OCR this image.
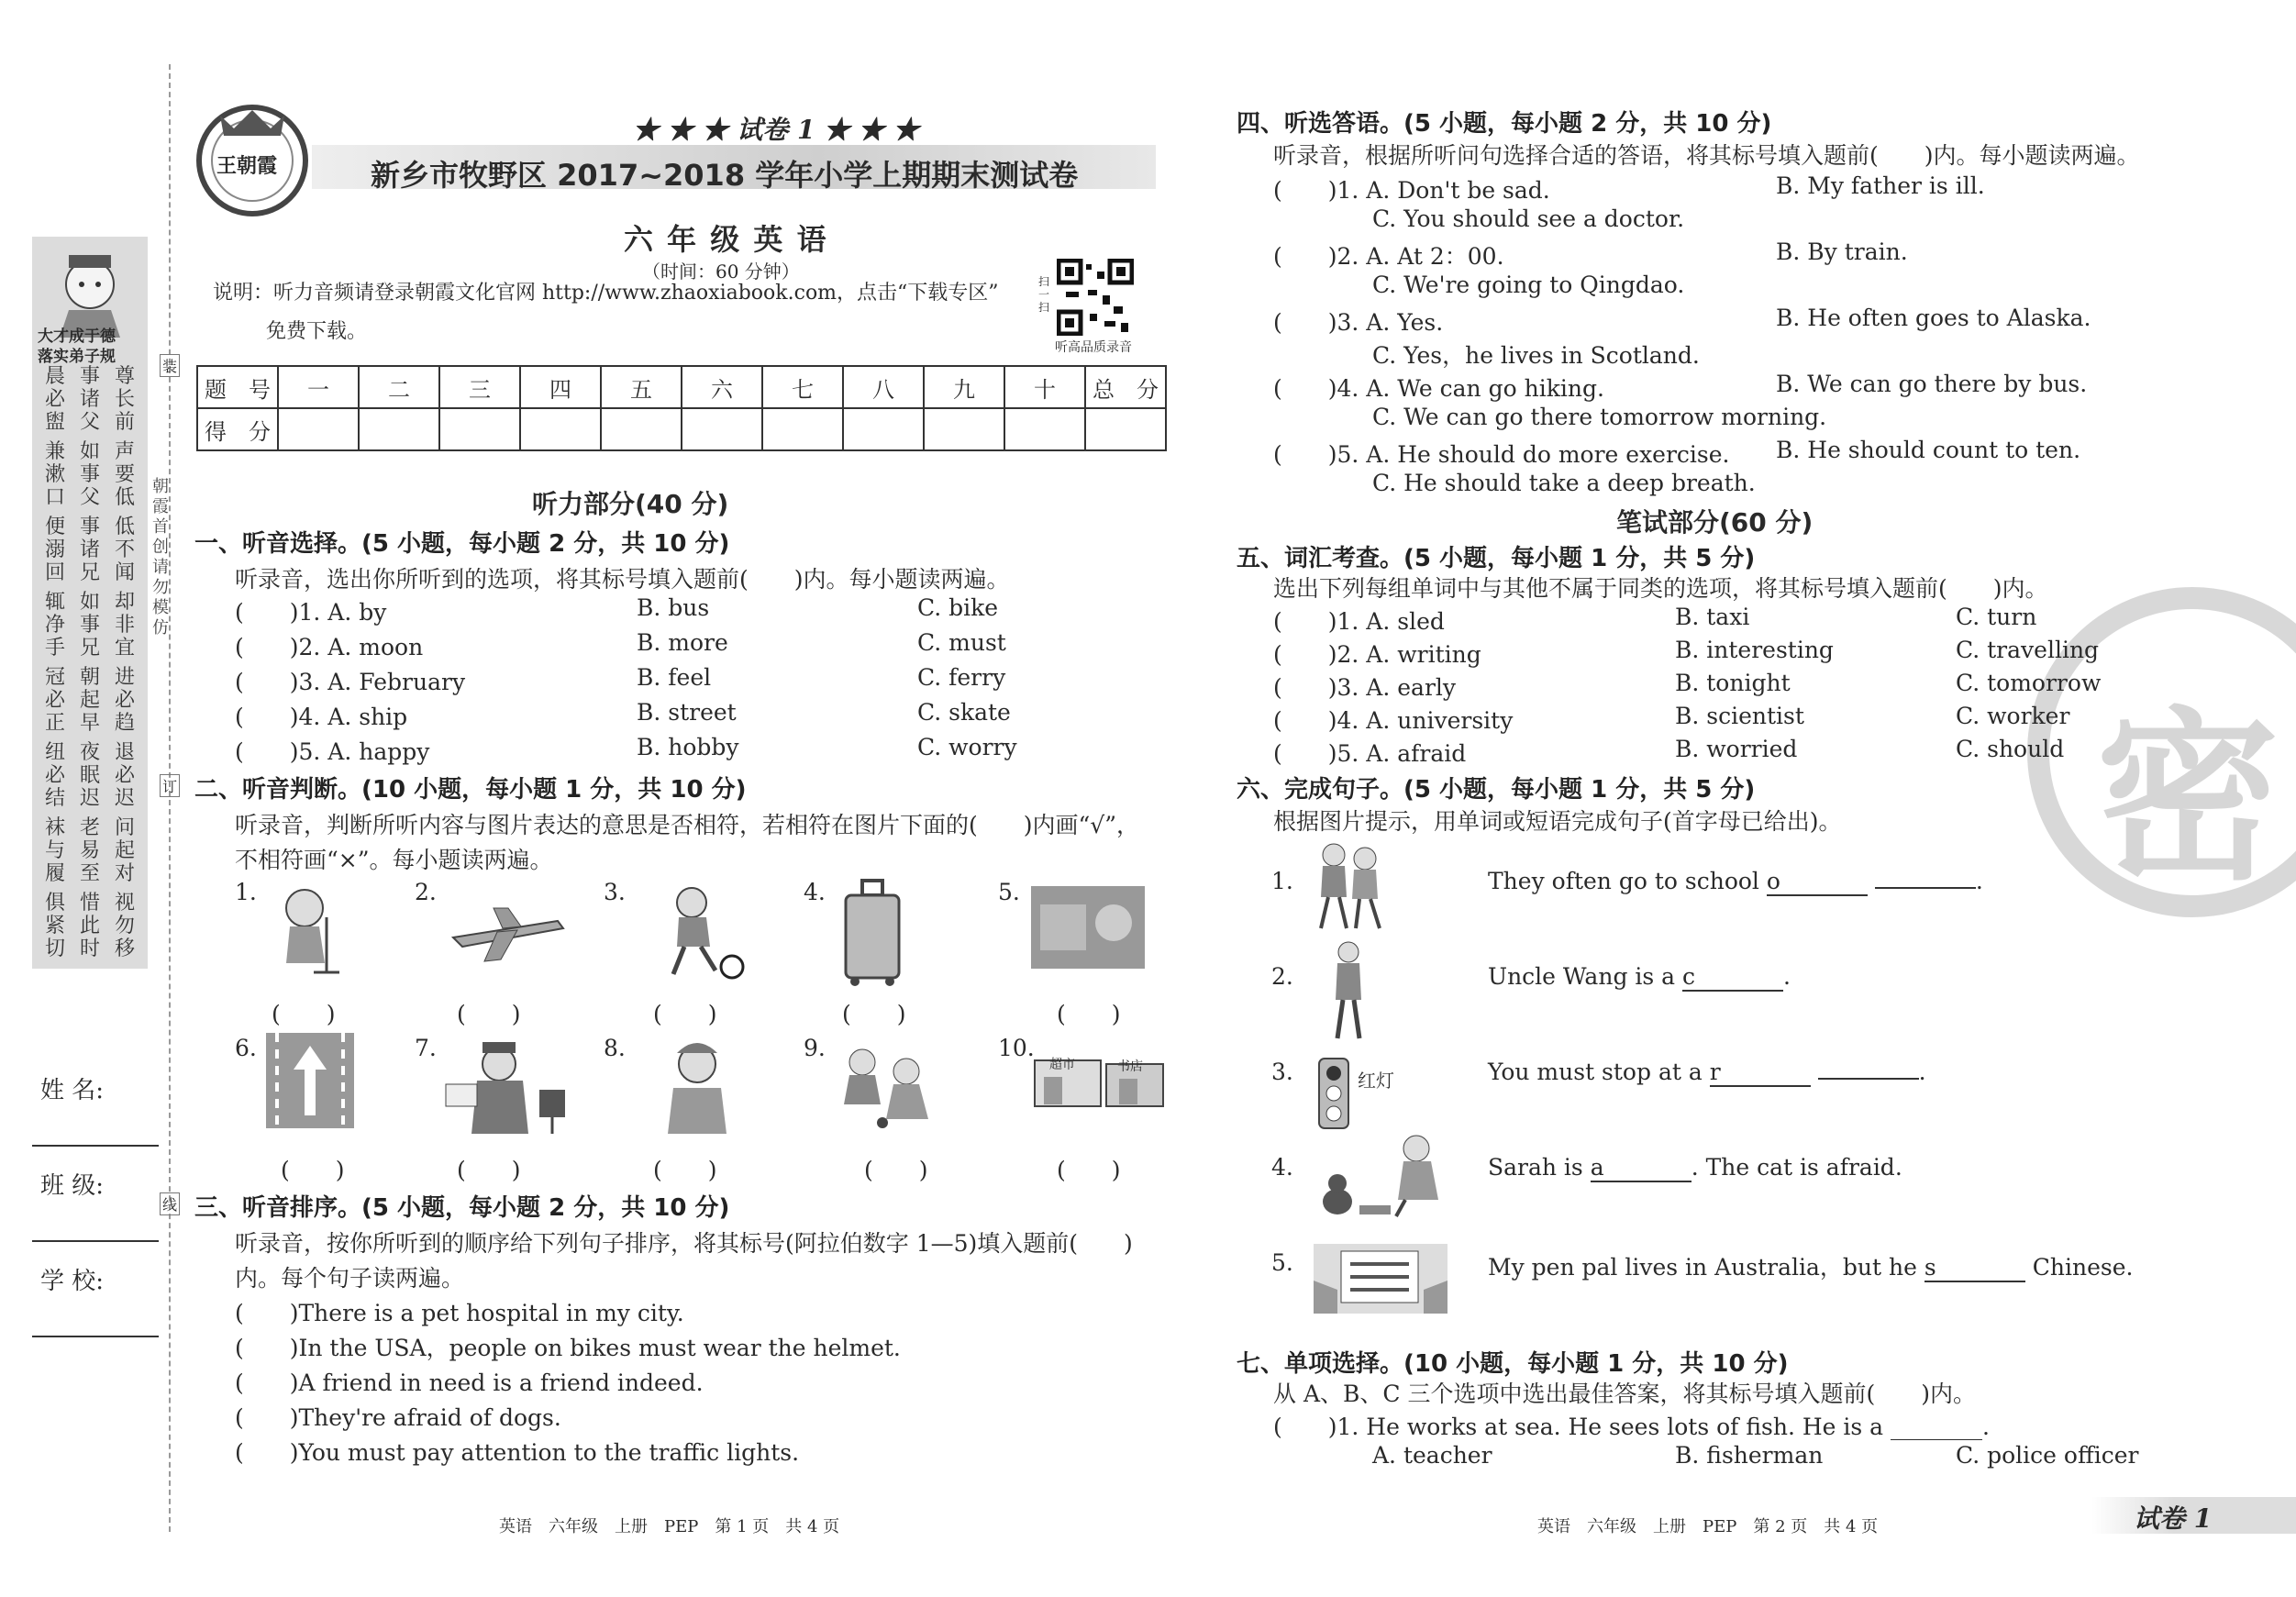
大才成于德
落实弟子规
晨必盥
事诸父
尊长前
兼漱口
如事父
声要低
便溺回
事诸兄
低不闻
辄净手
如事兄
却非宜
冠必正
朝起早
进必趋
纽必结
夜眠迟
退必迟
袜与履
老易至
问起对
俱紧切
惜此时
视勿移
朝霞首创 请勿模仿
装
订
线
姓 名:
班 级:
学 校:
王朝霞
★ ★ ★ 试卷 1 ★ ★ ★
新乡市牧野区 2017~2018 学年小学上期期末测试卷
六 年 级 英 语
（时间：60 分钟）
说明：听力音频请登录朝霞文化官网 http://www.zhaoxiabook.com，点击“下载专区”
免费下载。
扫一扫
听高品质录音
题　号	一	二	三	四	五	六	七	八	九	十	总　分
得　分											
听力部分(40 分)
一、听音选择。(5 小题，每小题 2 分，共 10 分)
听录音，选出你所听到的选项，将其标号填入题前(　　)内。每小题读两遍。
(　　)1. A. by	B. bus	C. bike
(　　)2. A. moon	B. more	C. must
(　　)3. A. February	B. feel	C. ferry
(　　)4. A. ship	B. street	C. skate
(　　)5. A. happy	B. hobby	C. worry
二、听音判断。(10 小题，每小题 1 分，共 10 分)
听录音，判断所听内容与图片表达的意思是否相符，若相符在图片下面的(　　)内画“√”，
不相符画“×”。每小题读两遍。
1.	2.	3.	4.	5.
6.	7.	8.	9.	10.
(　　)	(　　)	(　　)	(　　)	(　　)
(　　)	(　　)	(　　)	(　　)	(　　)
超市	书店
三、听音排序。(5 小题，每小题 2 分，共 10 分)
听录音，按你所听到的顺序给下列句子排序，将其标号(阿拉伯数字 1—5)填入题前(　　)
内。每个句子读两遍。
(　　)There is a pet hospital in my city.
(　　)In the USA，people on bikes must wear the helmet.
(　　)A friend in need is a friend indeed.
(　　)They're afraid of dogs.
(　　)You must pay attention to the traffic lights.
英语　六年级　上册　PEP　第 1 页　共 4 页
密
四、听选答语。(5 小题，每小题 2 分，共 10 分)
听录音，根据所听问句选择合适的答语，将其标号填入题前(　　)内。每小题读两遍。
(　　)1. A. Don't be sad.	B. My father is ill.
C. You should see a doctor.
(　　)2. A. At 2：00.	B. By train.
C. We're going to Qingdao.
(　　)3. A. Yes.	B. He often goes to Alaska.
C. Yes，he lives in Scotland.
(　　)4. A. We can go hiking.	B. We can go there by bus.
C. We can go there tomorrow morning.
(　　)5. A. He should do more exercise. B. He should count to ten.
C. He should take a deep breath.
笔试部分(60 分)
五、词汇考查。(5 小题，每小题 1 分，共 5 分)
选出下列每组单词中与其他不属于同类的选项，将其标号填入题前(　　)内。
(　　)1. A. sled	B. taxi	C. turn
(　　)2. A. writing	B. interesting	C. travelling
(　　)3. A. early	B. tonight	C. tomorrow
(　　)4. A. university	B. scientist	C. worker
(　　)5. A. afraid	B. worried	C. should
六、完成句子。(5 小题，每小题 1 分，共 5 分)
根据图片提示，用单词或短语完成句子(首字母已给出)。
1.	They often go to school o	.
2.	Uncle Wang is a c	.
3.	You must stop at a r	.
4.	Sarah is a	. The cat is afraid.
5.	My pen pal lives in Australia，but he s	Chinese.
红灯
七、单项选择。(10 小题，每小题 1 分，共 10 分)
从 A、B、C 三个选项中选出最佳答案，将其标号填入题前(　　)内。
(　　)1. He works at sea. He sees lots of fish. He is a ________.
A. teacher	B. fisherman	C. police officer
英语　六年级　上册　PEP　第 2 页　共 4 页	试卷 1
